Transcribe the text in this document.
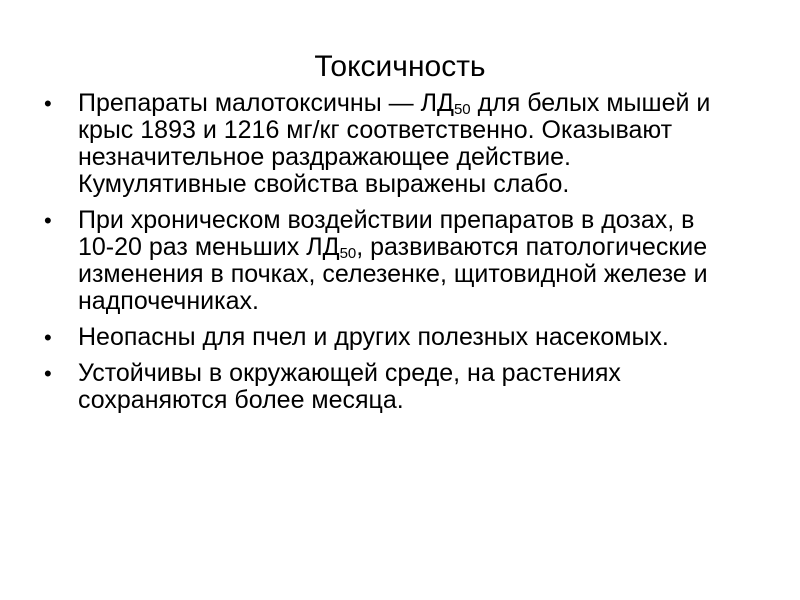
Токсичность
• Препараты малотоксичны — $ЛД_{50}$ для белых мышей и крыс 1893 и 1216 мг/кг соответственно. Оказывают незначительное раздражающее действие. Кумулятивные свойства выражены слабо.
• При хроническом воздействии препаратов в дозах, в 10-20 раз меньших $ЛД_{50}$, развиваются патологические изменения в почках, селезенке, щитовидной железе и надпочечниках.
• Неопасны для пчел и других полезных насекомых.
• Устойчивы в окружающей среде, на растениях сохраняются более месяца.
